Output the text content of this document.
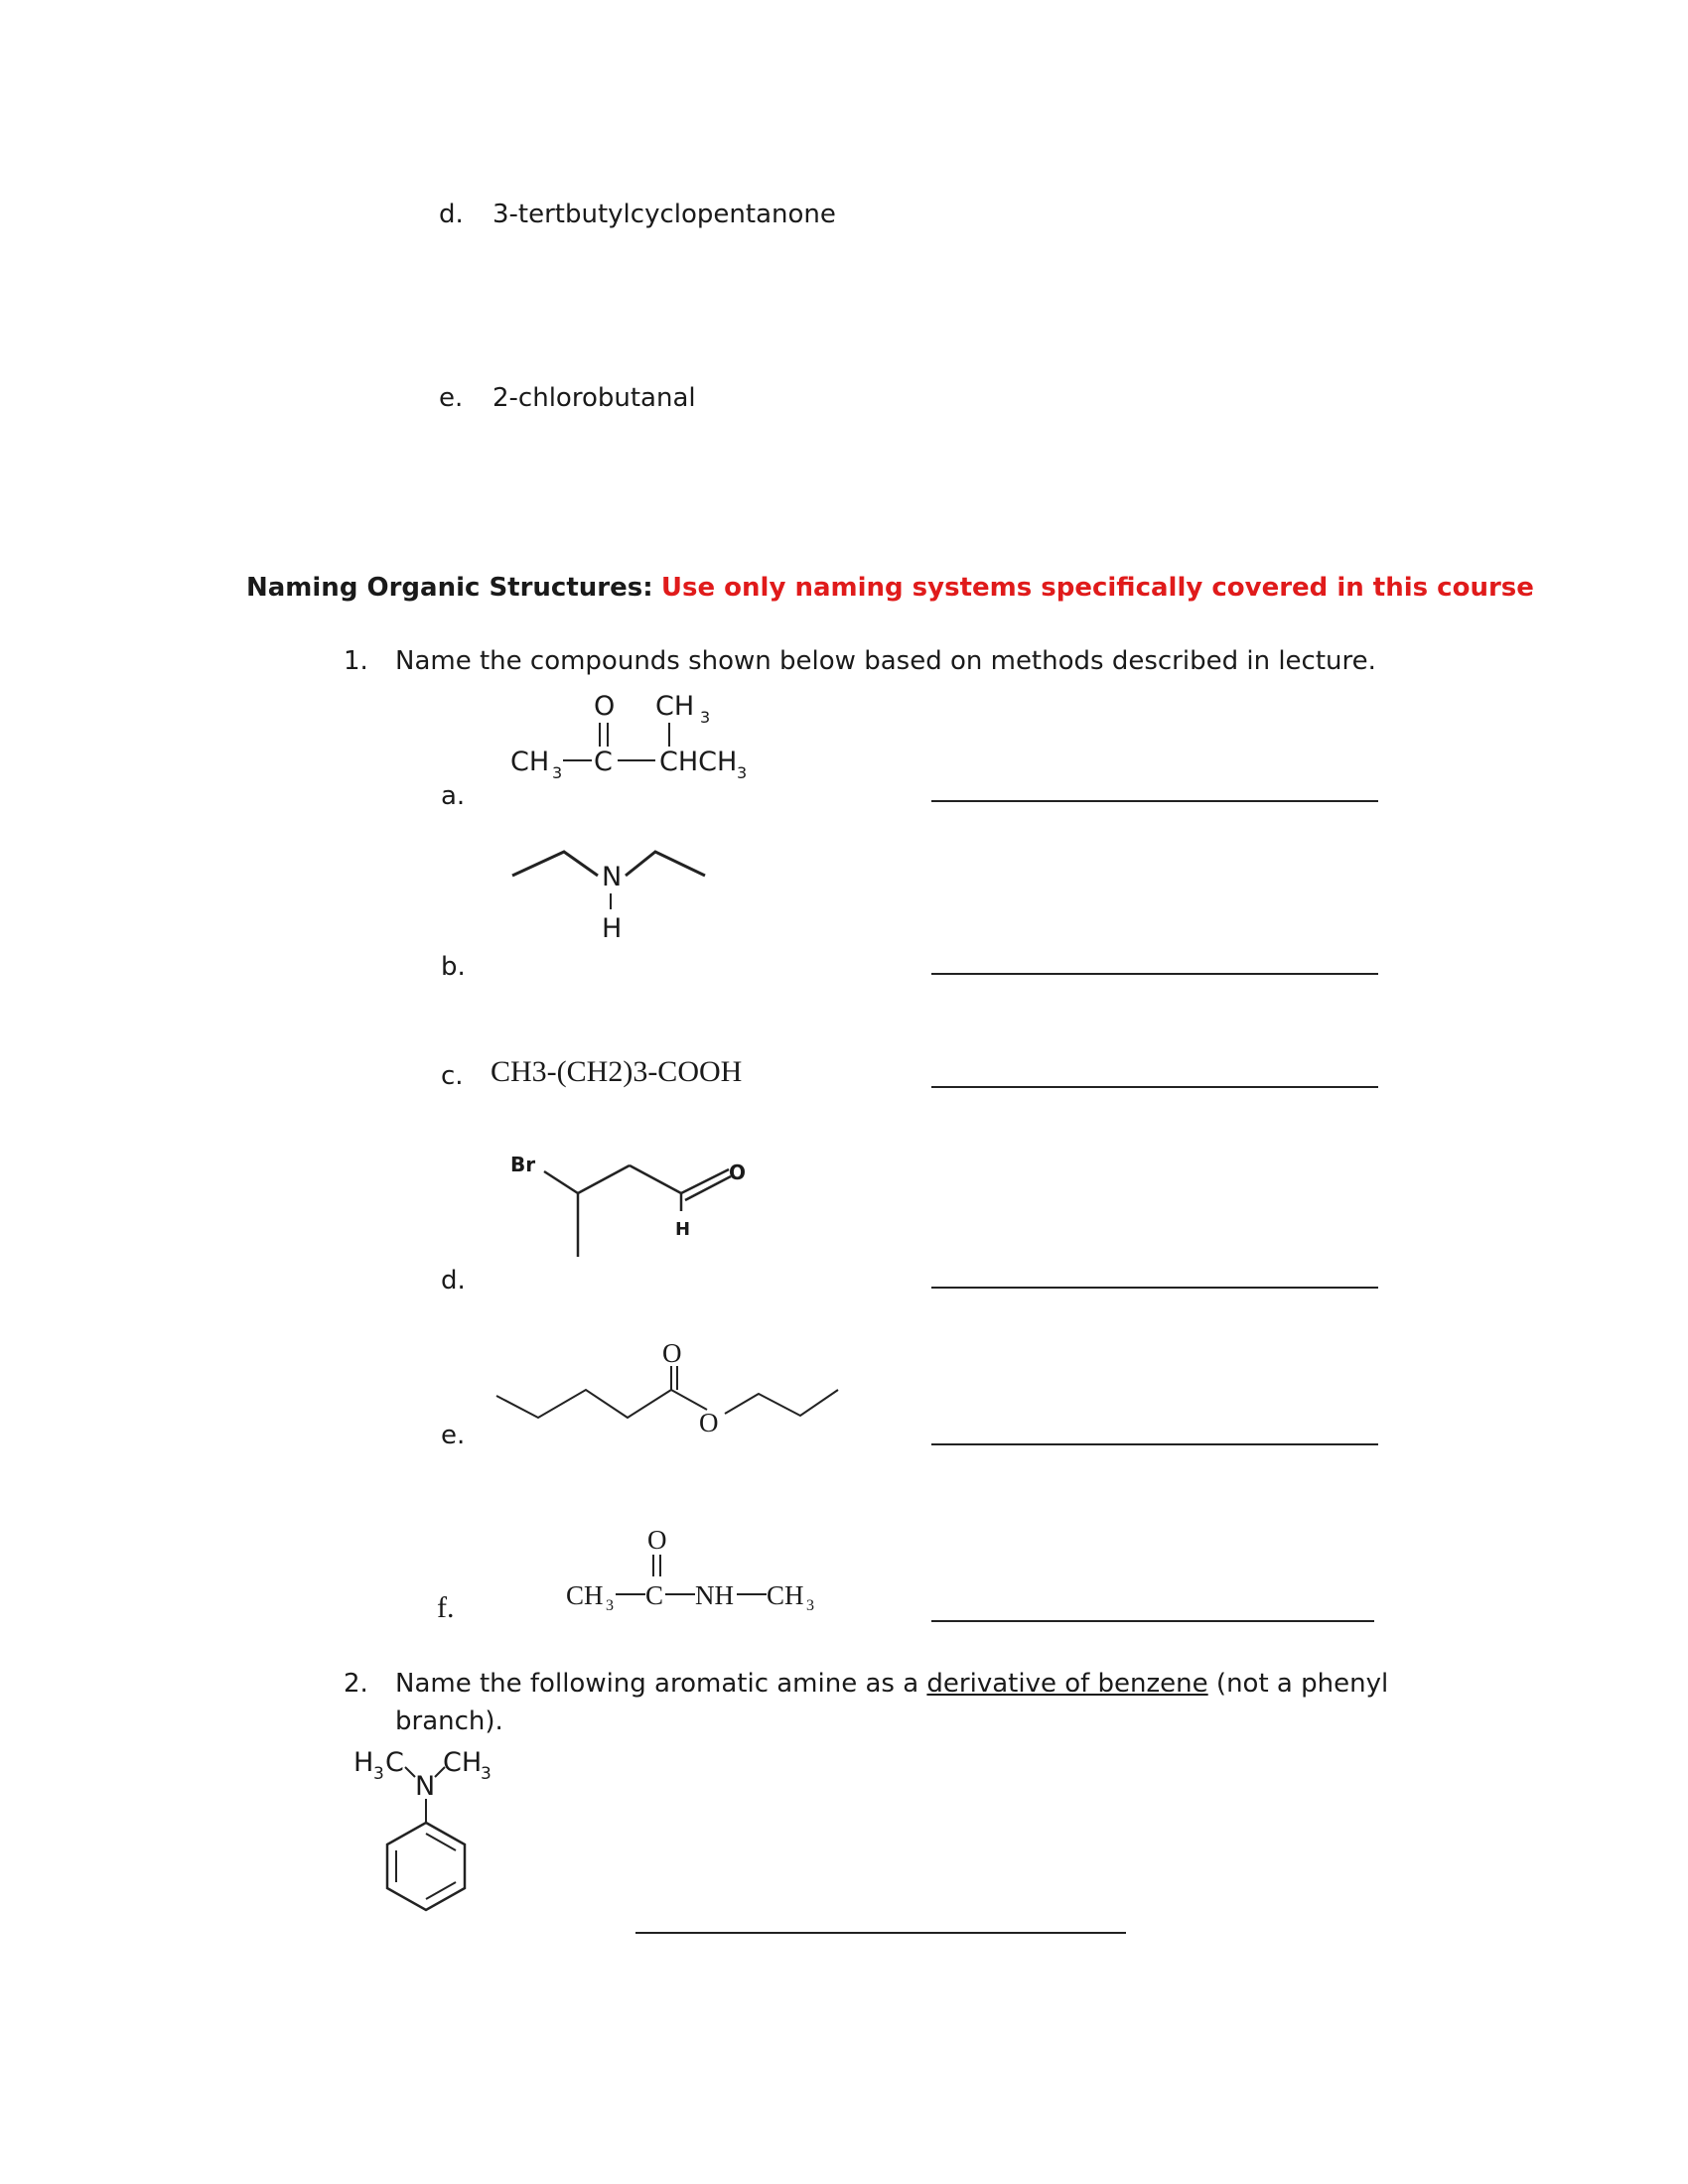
d. 3-tertbutylcyclopentanone
e. 2-chlorobutanal
Naming Organic Structures: Use only naming systems specifically covered in this course
1. Name the compounds shown below based on methods described in lecture.
a.
O CH 3
CH 3 C CHCH 3
N
H
b.
c. CH3-(CH2)3-COOH
Br	O
H
d.
O
O
e.
O
CH 3 C NH CH 3
f.
2. Name the following aromatic amine as a derivative of benzene (not a phenyl
branch).
H 3 C
N
CH
3
